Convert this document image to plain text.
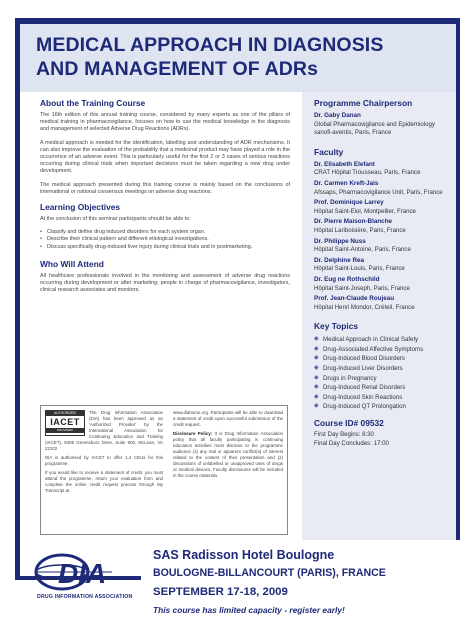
MEDICAL APPROACH IN DIAGNOSIS
AND MANAGEMENT OF ADRs
About the Training Course

The 16th edition of this annual training course, considered by many experts as one of the pillars of medical training in pharmacovigilance, focuses on how to use the medical knowledge in the diagnosis and management of selected Adverse Drug Reactions (ADRs).

A medical approach is needed for the identification, labelling and understanding of ADR mechanisms. It can also improve the evaluation of the probability that a medicinal product may have played a role in the occurrence of an adverse event. This is particularly useful for the first 2 or 3 cases of serious reactions occurring during clinical trials when important decisions must be taken regarding a new drug under development.

The medical approach presented during this training course is mainly based on the conclusions of international or national consensus meetings on adverse drug reactions.

Learning Objectives

At the conclusion of this seminar participants should be able to:

• Classify and define drug induced disorders for each system organ.
• Describe their clinical pattern and different etiological investigations.
• Discuss specifically drug-induced liver injury during clinical trials and in postmarketing.
Who Will Attend

All healthcare professionals involved in the monitoring and assessment of adverse drug reactions occurring during development or after marketing; people in charge of pharmacovigilance, investigators, clinical research associates and monitors.

Programme Chairperson
Dr. Gaby Danan
Global Pharmacovigilance and Epidemiology
sanofi-aventis, Paris, France
Faculty
Dr. Elisabeth Elefant
CRAT Hôpital Trousseau, Paris, France
Dr. Carmen Kreft-Jais
Afssaps, Pharmacovigilance Unit, Paris, France
Prof. Dominique Larrey
Hôpital Saint-Eloi, Montpellier, France
Dr. Pierre Maison-Blanche
Hôpital Lariboisière, Paris, France
Dr. Philippe Nuss
Hôpital Saint-Antoine, Paris, France
Dr. Delphine Rea
Hôpital Saint-Louis, Paris, France
Dr. Eug ne Rothschild
Hôpital Saint-Joseph, Paris, France
Prof. Jean-Claude Roujeau
Hôpital Henri Mondor, Créteil, France
Key Topics
◆ Medical Approach in Clinical Safety
◆ Drug-Associated Affective Symptoms
◆ Drug-Induced Blood Disorders
◆ Drug-Induced Liver Disorders
◆ Drugs in Pregnancy
◆ Drug-Induced Renal Disorders
◆ Drug-Induced Skin Reactions
◆ Drug-Induced QT Prolongation
Course ID# 09532
First Day Begins: 8:30
Final Day Concludes: 17:00
AUTHORIZED
IACET
PROVIDER
The Drug Information Association (DIA) has been approved as an 'Authorized Provider' by the International Association for Continuing Education and Training (IACET), 8405 Greensboro Drive, Suite 800, McLean, VA 22102
DIA is authorised by IACET to offer 1.4 CEUs for this programme.
If you would like to receive a statement of credit, you must attend the programme, return your evaluation form and complete the online credit request process through My Transcript at
www.diahome.org. Participants will be able to download a statement of credit upon successful submission of the credit request.
Disclosure Policy: It is Drug Information Association policy that all faculty participating in continuing education activities must disclose to the programme audience (1) any real or apparent conflict(s) of interest related to the content of their presentation and (2) discussions of unlabelled or unapproved uses of drugs or medical devices. Faculty disclosures will be included in the course materials.
DIA
DRUG INFORMATION ASSOCIATION
SAS Radisson Hotel Boulogne
BOULOGNE-BILLANCOURT (PARIS), FRANCE
SEPTEMBER 17-18, 2009
This course has limited capacity - register early!
